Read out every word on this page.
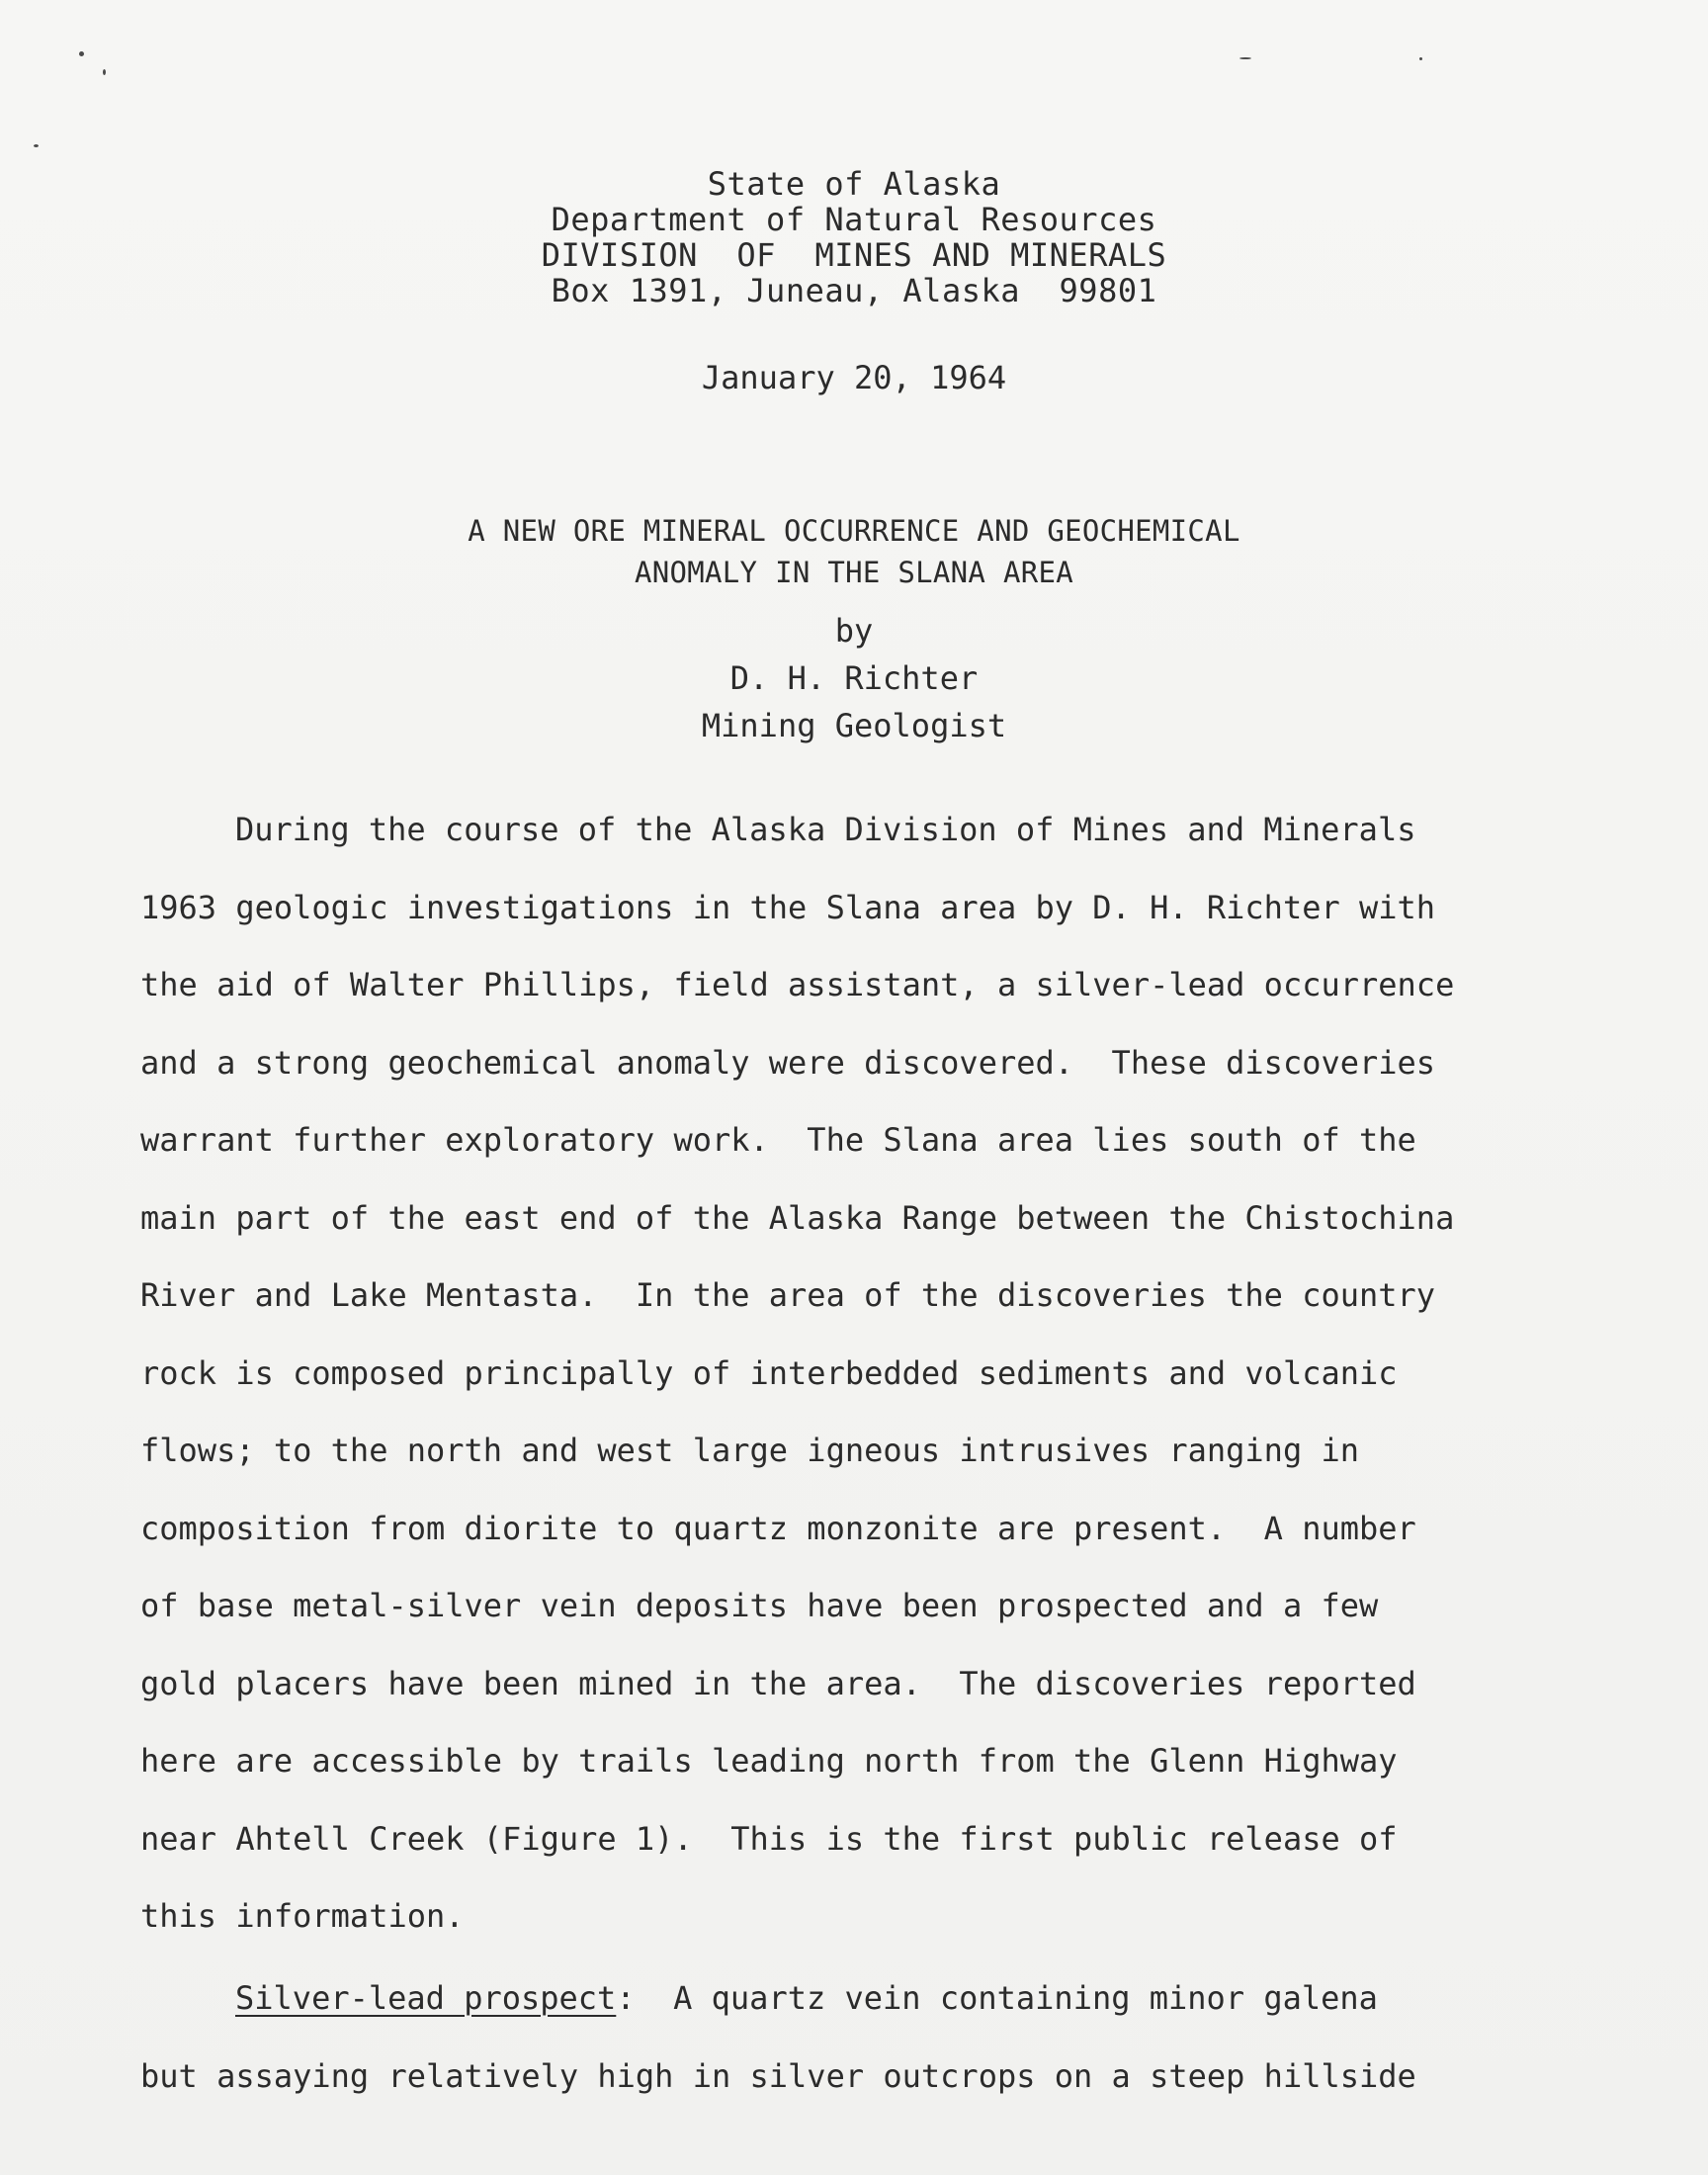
State of Alaska
Department of Natural Resources
DIVISION  OF  MINES AND MINERALS
Box 1391, Juneau, Alaska  99801
January 20, 1964
A NEW ORE MINERAL OCCURRENCE AND GEOCHEMICAL
ANOMALY IN THE SLANA AREA
by
D. H. Richter
Mining Geologist
During the course of the Alaska Division of Mines and Minerals
1963 geologic investigations in the Slana area by D. H. Richter with
the aid of Walter Phillips, field assistant, a silver-lead occurrence
and a strong geochemical anomaly were discovered.  These discoveries
warrant further exploratory work.  The Slana area lies south of the
main part of the east end of the Alaska Range between the Chistochina
River and Lake Mentasta.  In the area of the discoveries the country
rock is composed principally of interbedded sediments and volcanic
flows; to the north and west large igneous intrusives ranging in
composition from diorite to quartz monzonite are present.  A number
of base metal-silver vein deposits have been prospected and a few
gold placers have been mined in the area.  The discoveries reported
here are accessible by trails leading north from the Glenn Highway
near Ahtell Creek (Figure 1).  This is the first public release of
this information.
Silver-lead prospect:  A quartz vein containing minor galena
but assaying relatively high in silver outcrops on a steep hillside
